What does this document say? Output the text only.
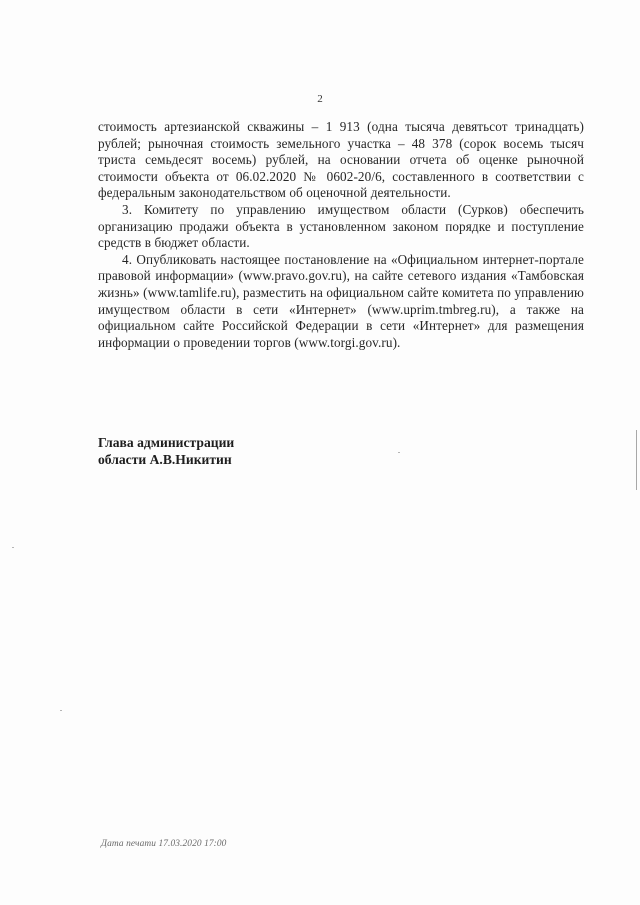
2

стоимость артезианской скважины – 1 913 (одна тысяча девятьсот тринадцать) рублей; рыночная стоимость земельного участка – 48 378 (сорок восемь тысяч триста семьдесят восемь) рублей, на основании отчета об оценке рыночной стоимости объекта от 06.02.2020 № 0602-20/6, составленного в соответствии с федеральным законодательством об оценочной деятельности.

3. Комитету по управлению имуществом области (Сурков) обеспечить организацию продажи объекта в установленном законом порядке и поступление средств в бюджет области.

4. Опубликовать настоящее постановление на «Официальном интернет-портале правовой информации» (www.pravo.gov.ru), на сайте сетевого издания «Тамбовская жизнь» (www.tamlife.ru), разместить на официальном сайте комитета по управлению имуществом области в сети «Интернет» (www.uprim.tmbreg.ru), а также на официальном сайте Российской Федерации в сети «Интернет» для размещения информации о проведении торгов (www.torgi.gov.ru).

Глава администрации
области А.В.Никитин
Дата печати 17.03.2020 17:00
